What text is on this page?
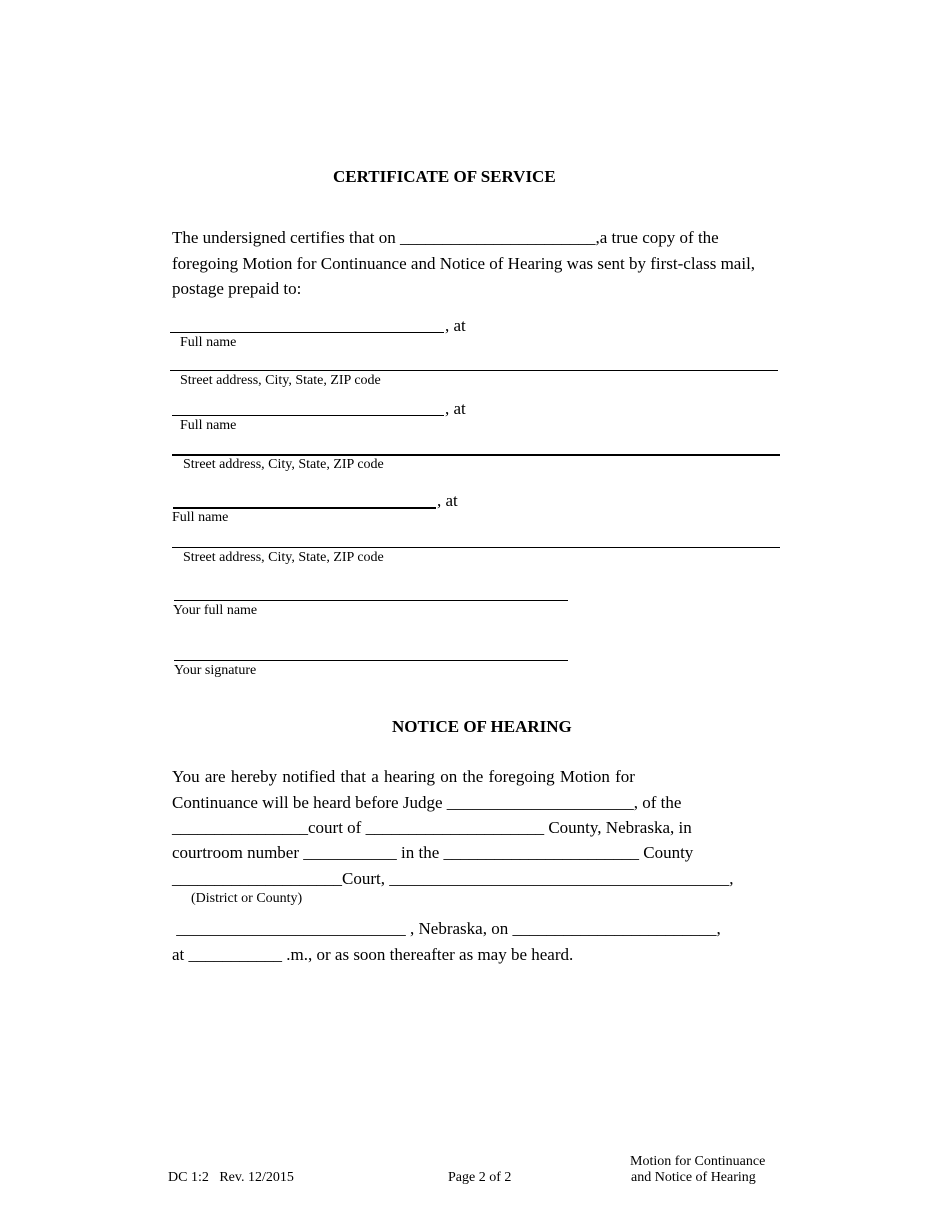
CERTIFICATE OF SERVICE
The undersigned certifies that on _______________________,a true copy of the
foregoing Motion for Continuance and Notice of Hearing was sent by first-class mail,
postage prepaid to:
, at
Full name
Street address, City, State, ZIP code
, at
Full name
Street address, City, State, ZIP code
, at
Full name
Street address, City, State, ZIP code
Your full name
Your signature
NOTICE OF HEARING
You are hereby notified that a hearing on the foregoing Motion for
Continuance will be heard before Judge ______________________, of the
________________court of _____________________ County, Nebraska, in
courtroom number ___________ in the _______________________ County
____________________Court, ________________________________________,
(District or County)
___________________________ , Nebraska, on ________________________,
at ___________ .m., or as soon thereafter as may be heard.
DC 1:2   Rev. 12/2015	Page 2 of 2
Motion for Continuance
and Notice of Hearing
